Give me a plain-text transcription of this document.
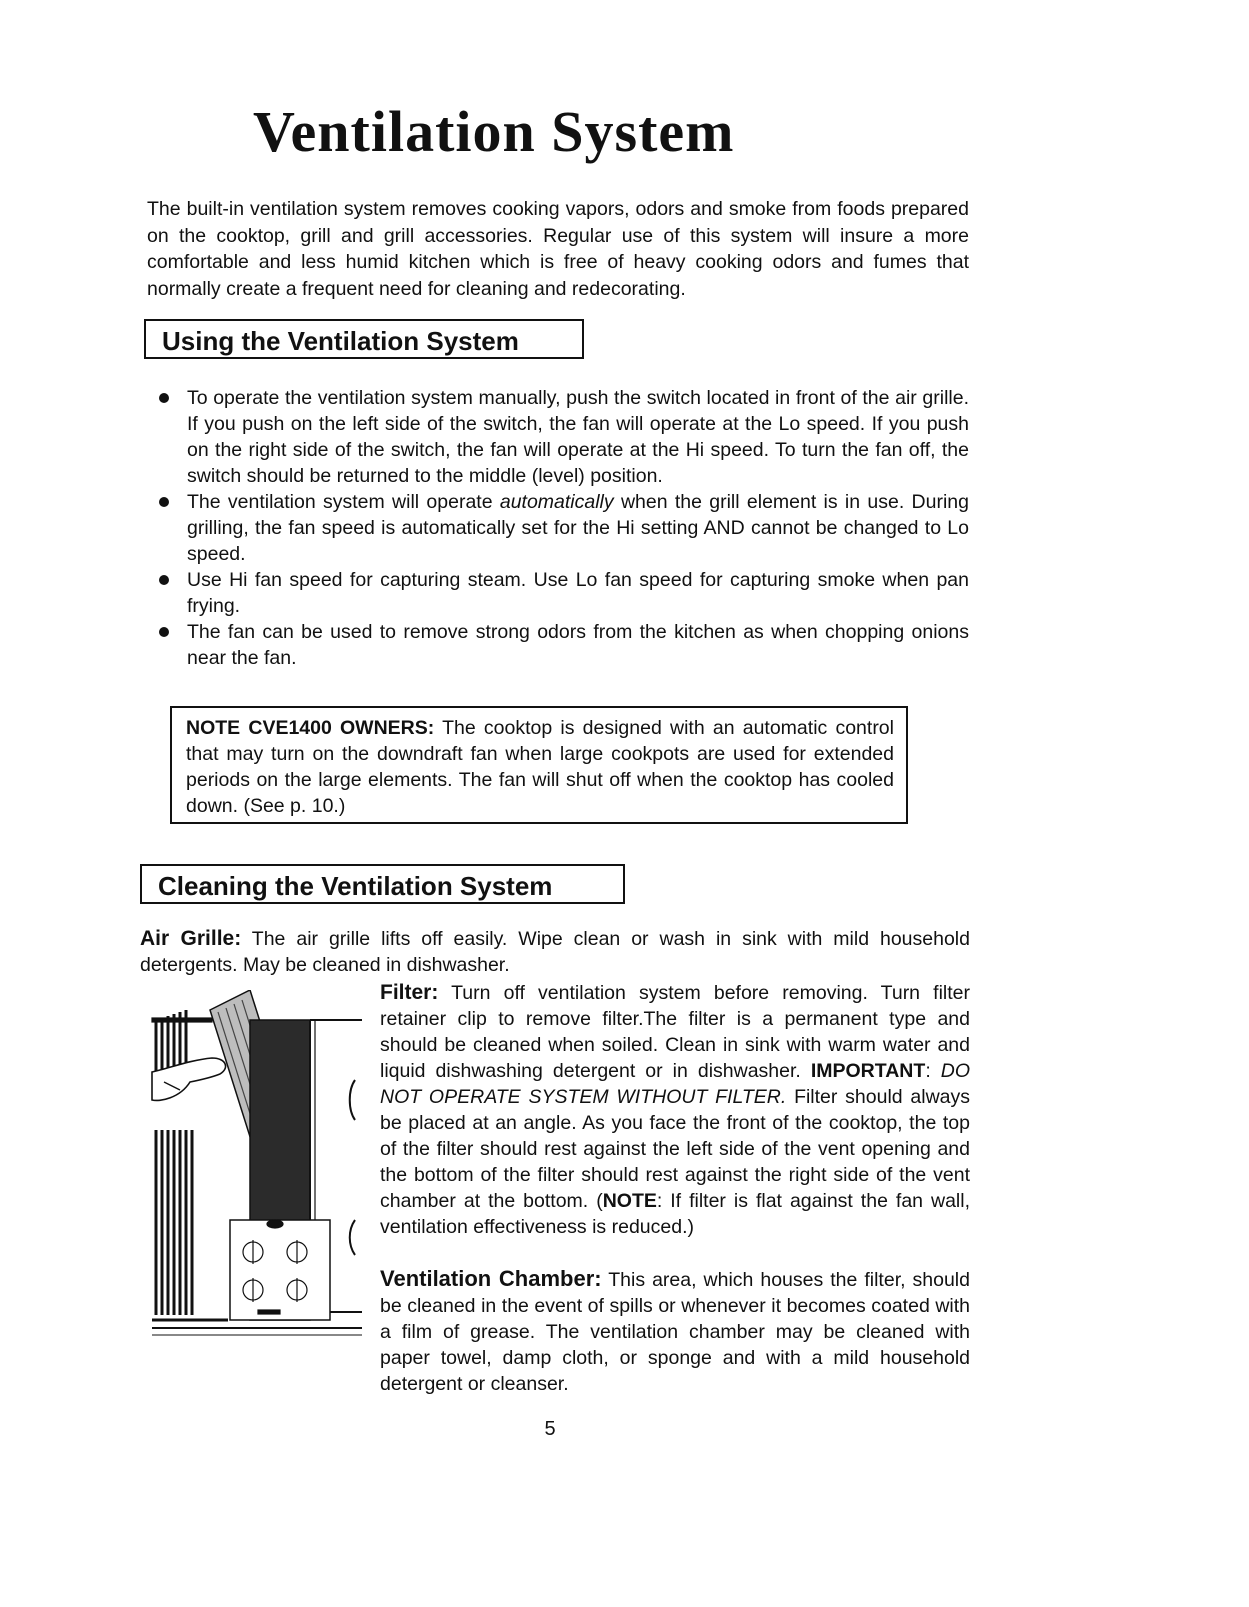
Ventilation System

The built-in ventilation system removes cooking vapors, odors and smoke from foods prepared on the cooktop, grill and grill accessories. Regular use of this system will insure a more comfortable and less humid kitchen which is free of heavy cooking odors and fumes that normally create a frequent need for cleaning and redecorating.

Using the Ventilation System
To operate the ventilation system manually, push the switch located in front of the air grille. If you push on the left side of the switch, the fan will operate at the Lo speed. If you push on the right side of the switch, the fan will operate at the Hi speed. To turn the fan off, the switch should be returned to the middle (level) position.
The ventilation system will operate automatically when the grill element is in use. During grilling, the fan speed is automatically set for the Hi setting AND cannot be changed to Lo speed.
Use Hi fan speed for capturing steam. Use Lo fan speed for capturing smoke when pan frying.
The fan can be used to remove strong odors from the kitchen as when chopping onions near the fan.
NOTE CVE1400 OWNERS: The cooktop is designed with an automatic control that may turn on the downdraft fan when large cookpots are used for extended periods on the large elements. The fan will shut off when the cooktop has cooled down. (See p. 10.)
Cleaning the Ventilation System

Air Grille: The air grille lifts off easily. Wipe clean or wash in sink with mild household detergents. May be cleaned in dishwasher.

Filter: Turn off ventilation system before removing. Turn filter retainer clip to remove filter.The filter is a permanent type and should be cleaned when soiled. Clean in sink with warm water and liquid dishwashing detergent or in dishwasher. IMPORTANT: DO NOT OPERATE SYSTEM WITHOUT FILTER. Filter should always be placed at an angle. As you face the front of the cooktop, the top of the filter should rest against the left side of the vent opening and the bottom of the filter should rest against the right side of the vent chamber at the bottom. (NOTE: If filter is flat against the fan wall, ventilation effectiveness is reduced.)

Ventilation Chamber: This area, which houses the filter, should be cleaned in the event of spills or whenever it becomes coated with a film of grease. The ventilation chamber may be cleaned with paper towel, damp cloth, or sponge and with a mild household detergent or cleanser.

5
